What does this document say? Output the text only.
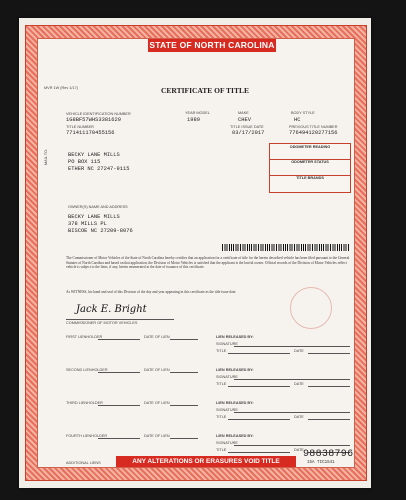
STATE OF NORTH CAROLINA
MVR 1W (Rev 1/17)	CERTIFICATE OF TITLE
VEHICLE IDENTIFICATION NUMBER
1G8BF57WHS3381629
TITLE NUMBER
771411170455156
YEAR MODEL
1989
MAKE
CHEV
TITLE ISSUE DATE
03/17/2017
BODY STYLE
HC
PREVIOUS TITLE NUMBER
776494120277156
MAIL TO:	BECKY LANE MILLS
PO BOX 115
ETHER NC 27247-9115
ODOMETER READING
ODOMETER STATUS
TITLE BRANDS
OWNER(S) NAME AND ADDRESS
BECKY LANE MILLS
378 MILLS PL
BISCOE NC 27209-8076
The Commissioner of Motor Vehicles of the State of North Carolina hereby certifies that an application for a certificate of title for the herein described vehicle has been filed pursuant to the General Statutes of North Carolina and based on that application, the Division of Motor Vehicles is satisfied that the applicant is the lawful owner. Official records of the Division of Motor Vehicles reflect vehicle is subject to the liens, if any, herein enumerated at the date of issuance of this certificate.
As WITNESS, his hand and seal of this Division of the day and year appearing in this certificate as the title issue date.
Jack E. Bright
COMMISSIONER OF MOTOR VEHICLES
FIRST LIENHOLDER	DATE OF LIEN	LIEN RELEASED BY:
SIGNATURE
TITLE	DATE
SECOND LIENHOLDER	DATE OF LIEN	LIEN RELEASED BY:
SIGNATURE
TITLE	DATE
THIRD LIENHOLDER	DATE OF LIEN	LIEN RELEASED BY:
SIGNATURE
TITLE	DATE
FOURTH LIENHOLDER	DATE OF LIEN	LIEN RELEASED BY:
SIGNATURE
TITLE	DATE
ADDITIONAL LIENS
98838796
15A TIC1541
ANY ALTERATIONS OR ERASURES VOID TITLE
